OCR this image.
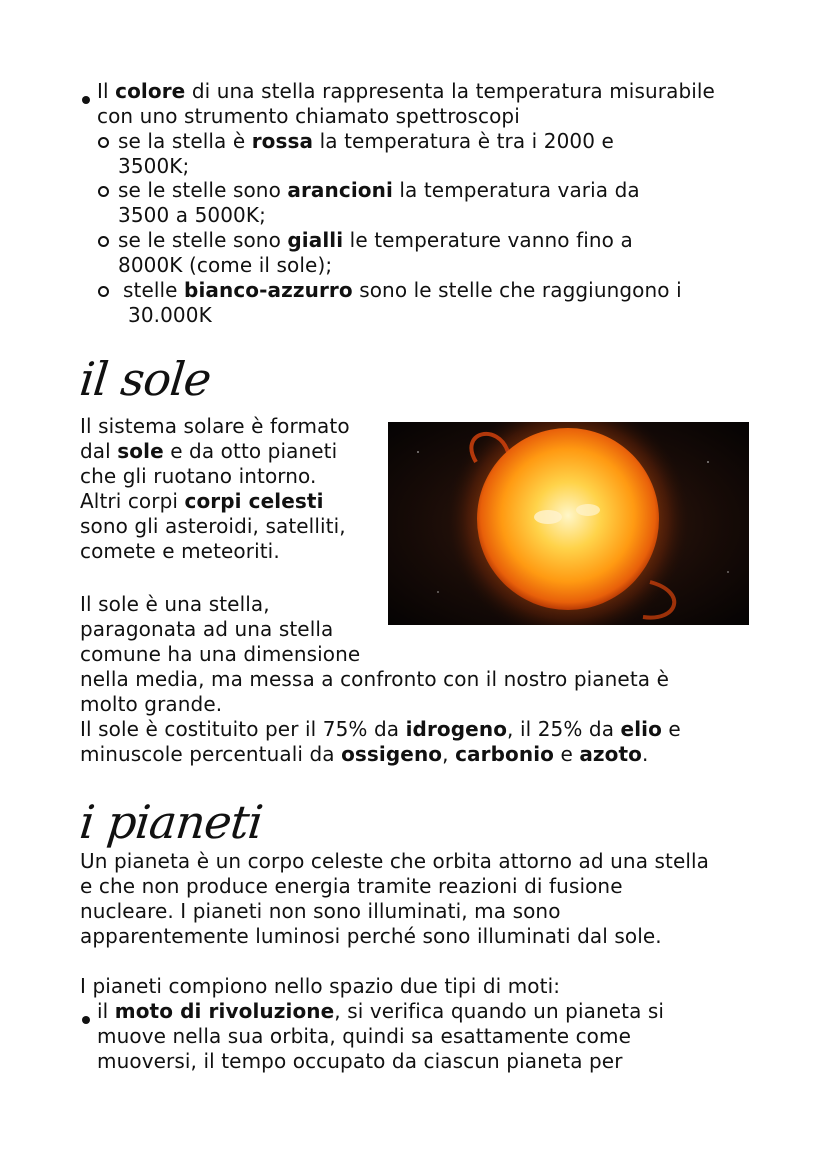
Il colore di una stella rappresenta la temperatura misurabile
con uno strumento chiamato spettroscopi
se la stella è rossa la temperatura è tra i 2000 e
3500K;
se le stelle sono arancioni la temperatura varia da
3500 a 5000K;
se le stelle sono gialli le temperature vanno fino a
8000K (come il sole);
stelle bianco-azzurro sono le stelle che raggiungono i
30.000K
il sole
Il sistema solare è formato
dal sole e da otto pianeti
che gli ruotano intorno.
Altri corpi corpi celesti
sono gli asteroidi, satelliti,
comete e meteoriti.
Il sole è una stella,
paragonata ad una stella
comune ha una dimensione
nella media, ma messa a confronto con il nostro pianeta è
molto grande.
Il sole è costituito per il 75% da idrogeno, il 25% da elio e
minuscole percentuali da ossigeno, carbonio e azoto.
i pianeti
Un pianeta è un corpo celeste che orbita attorno ad una stella
e che non produce energia tramite reazioni di fusione
nucleare. I pianeti non sono illuminati, ma sono
apparentemente luminosi perché sono illuminati dal sole.
I pianeti compiono nello spazio due tipi di moti:
il moto di rivoluzione, si verifica quando un pianeta si
muove nella sua orbita, quindi sa esattamente come
muoversi, il tempo occupato da ciascun pianeta per
